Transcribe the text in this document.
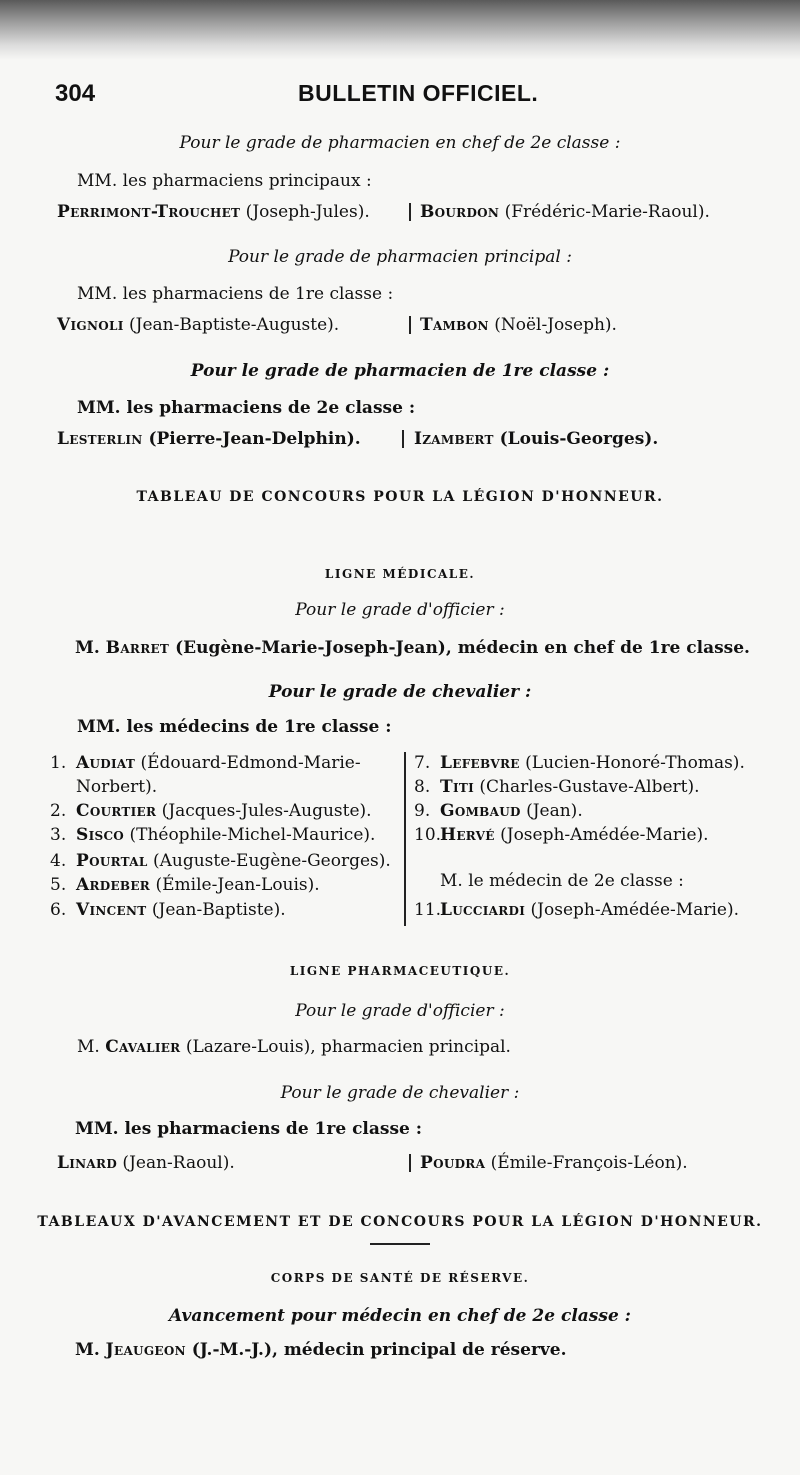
304	BULLETIN OFFICIEL.
Pour le grade de pharmacien en chef de 2e classe :
MM. les pharmaciens principaux :
Perrimont-Trouchet (Joseph-Jules).	Bourdon (Frédéric-Marie-Raoul).
Pour le grade de pharmacien principal :
MM. les pharmaciens de 1re classe :
Vignoli (Jean-Baptiste-Auguste).	Tambon (Noël-Joseph).
Pour le grade de pharmacien de 1re classe :
MM. les pharmaciens de 2e classe :
Lesterlin (Pierre-Jean-Delphin).	Izambert (Louis-Georges).
TABLEAU DE CONCOURS POUR LA LÉGION D'HONNEUR.
LIGNE MÉDICALE.
Pour le grade d'officier :
M. Barret (Eugène-Marie-Joseph-Jean), médecin en chef de 1re classe.
Pour le grade de chevalier :
MM. les médecins de 1re classe :
1. Audiat (Édouard-Edmond-Marie-
Norbert).
2. Courtier (Jacques-Jules-Auguste).
3. Sisco (Théophile-Michel-Maurice).
4. Pourtal (Auguste-Eugène-Georges).
5. Ardeber (Émile-Jean-Louis).
6. Vincent (Jean-Baptiste).
7. Lefebvre (Lucien-Honoré-Thomas).
8. Titi (Charles-Gustave-Albert).
9. Gombaud (Jean).
10.Hervé (Joseph-Amédée-Marie).
M. le médecin de 2e classe :
11.Lucciardi (Joseph-Amédée-Marie).
LIGNE PHARMACEUTIQUE.
Pour le grade d'officier :
M. Cavalier (Lazare-Louis), pharmacien principal.
Pour le grade de chevalier :
MM. les pharmaciens de 1re classe :
Linard (Jean-Raoul).	Poudra (Émile-François-Léon).
TABLEAUX D'AVANCEMENT ET DE CONCOURS POUR LA LÉGION D'HONNEUR.
CORPS DE SANTÉ DE RÉSERVE.
Avancement pour médecin en chef de 2e classe :
M. Jeaugeon (J.-M.-J.), médecin principal de réserve.
